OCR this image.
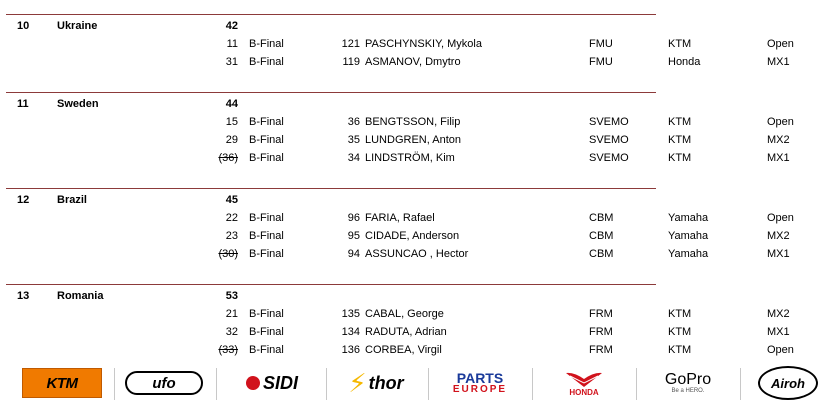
10	Ukraine	42
11 B-Final	121 PASCHYNSKIY, Mykola	FMU	KTM	Open
31 B-Final	119 ASMANOV, Dmytro	FMU	Honda	MX1
11	Sweden	44
15 B-Final	36 BENGTSSON, Filip	SVEMO	KTM	Open
29 B-Final	35 LUNDGREN, Anton	SVEMO	KTM	MX2
(36) B-Final	34 LINDSTRÖM, Kim	SVEMO	KTM	MX1
12	Brazil	45
22 B-Final	96 FARIA, Rafael	CBM	Yamaha	Open
23 B-Final	95 CIDADE, Anderson	CBM	Yamaha	MX2
(30) B-Final	94 ASSUNCAO , Hector	CBM	Yamaha	MX1
13	Romania	53
21 B-Final	135 CABAL, George	FRM	KTM	MX2
32 B-Final	134 RADUTA, Adrian	FRM	KTM	MX1
(33) B-Final	136 CORBEA, Virgil	FRM	KTM	Open
KTM	ufo	SIDI ⚡ thor	PARTS
EUROPE	HONDA
GoPro
Be a HERO.
Airoh
